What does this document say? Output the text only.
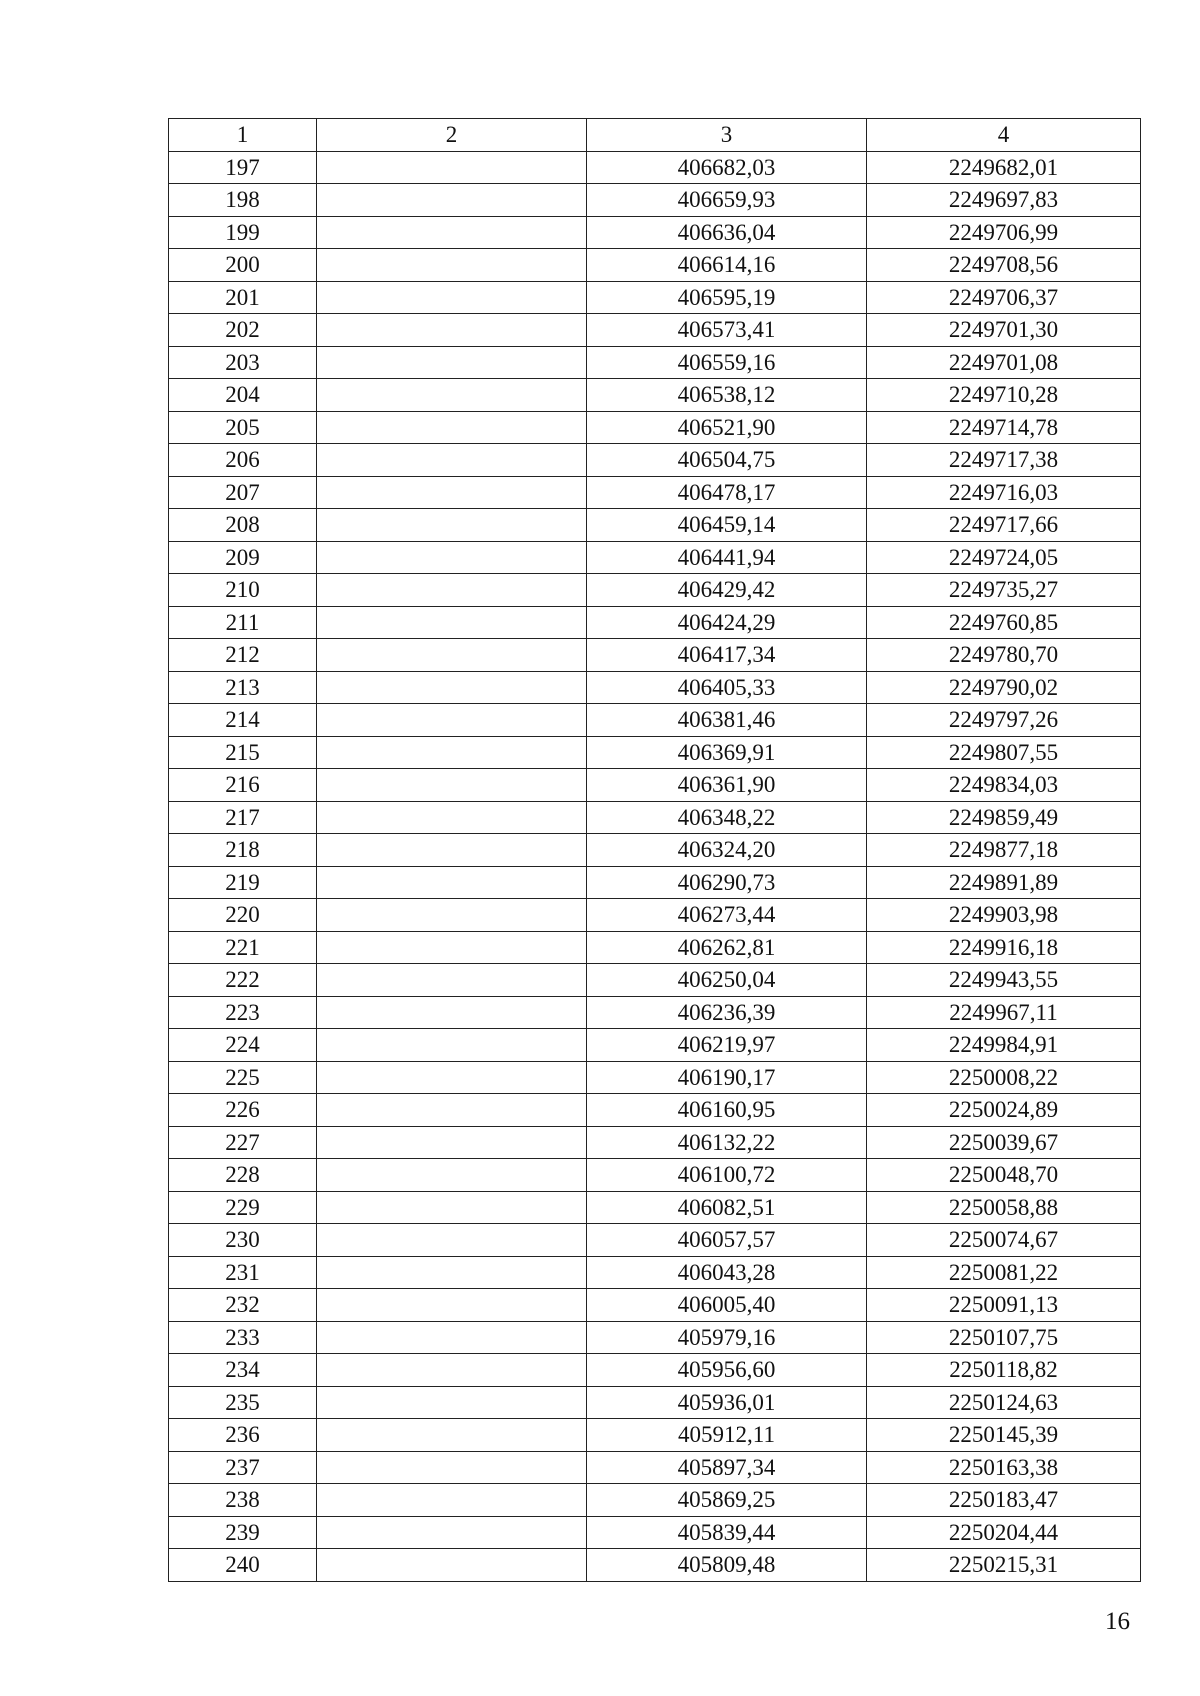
1	2	3	4
197		406682,03	2249682,01
198		406659,93	2249697,83
199		406636,04	2249706,99
200		406614,16	2249708,56
201		406595,19	2249706,37
202		406573,41	2249701,30
203		406559,16	2249701,08
204		406538,12	2249710,28
205		406521,90	2249714,78
206		406504,75	2249717,38
207		406478,17	2249716,03
208		406459,14	2249717,66
209		406441,94	2249724,05
210		406429,42	2249735,27
211		406424,29	2249760,85
212		406417,34	2249780,70
213		406405,33	2249790,02
214		406381,46	2249797,26
215		406369,91	2249807,55
216		406361,90	2249834,03
217		406348,22	2249859,49
218		406324,20	2249877,18
219		406290,73	2249891,89
220		406273,44	2249903,98
221		406262,81	2249916,18
222		406250,04	2249943,55
223		406236,39	2249967,11
224		406219,97	2249984,91
225		406190,17	2250008,22
226		406160,95	2250024,89
227		406132,22	2250039,67
228		406100,72	2250048,70
229		406082,51	2250058,88
230		406057,57	2250074,67
231		406043,28	2250081,22
232		406005,40	2250091,13
233		405979,16	2250107,75
234		405956,60	2250118,82
235		405936,01	2250124,63
236		405912,11	2250145,39
237		405897,34	2250163,38
238		405869,25	2250183,47
239		405839,44	2250204,44
240		405809,48	2250215,31
16
